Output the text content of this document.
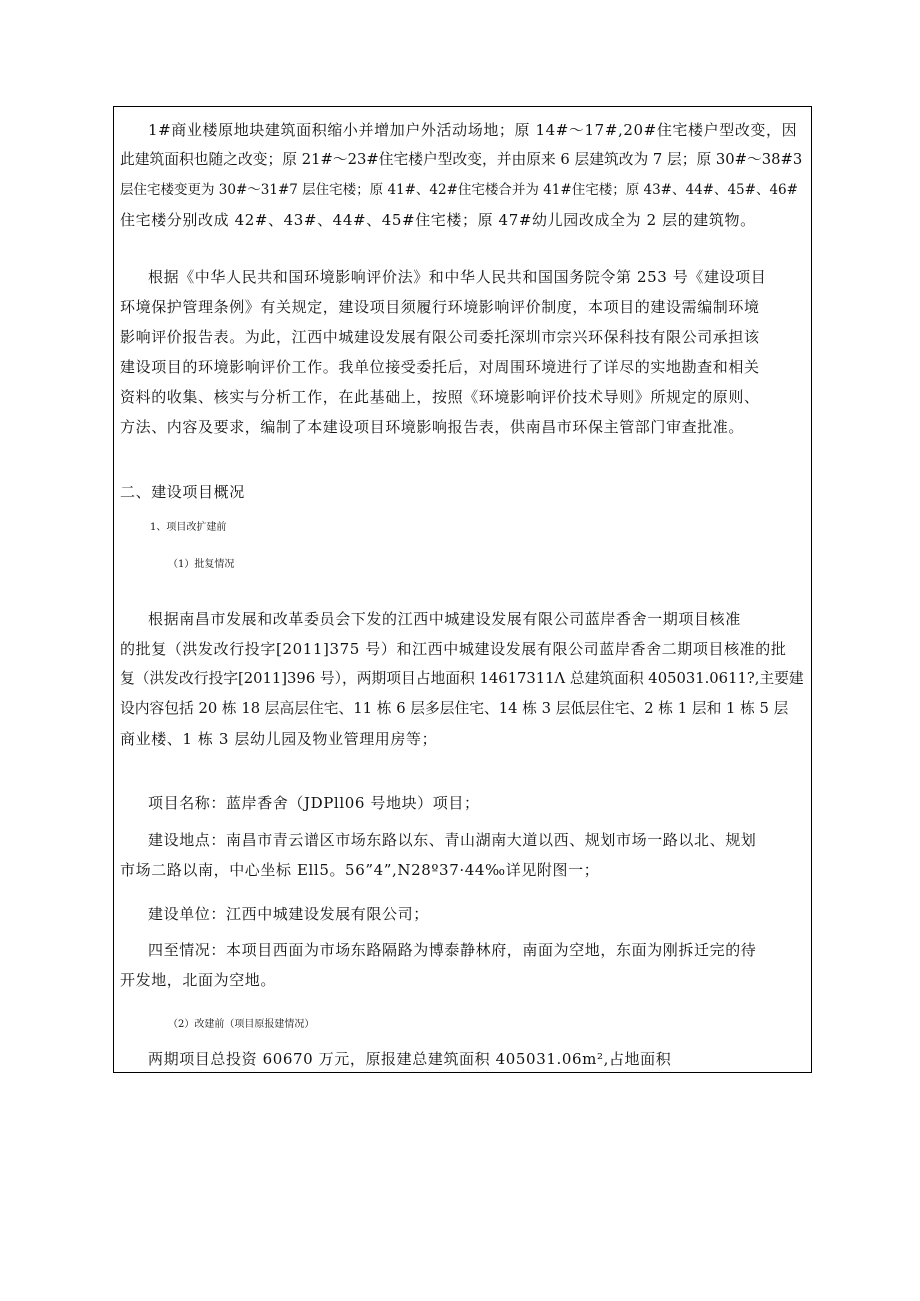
1#商业楼原地块建筑面积缩小并增加户外活动场地；原 14#～17#,20#住宅楼户型改变，因
此建筑面积也随之改变；原 21#～23#住宅楼户型改变，并由原来 6 层建筑改为 7 层；原 30#～38#3
层住宅楼变更为 30#～31#7 层住宅楼；原 41#、42#住宅楼合并为 41#住宅楼；原 43#、44#、45#、46#
住宅楼分别改成 42#、43#、44#、45#住宅楼；原 47#幼儿园改成全为 2 层的建筑物。
根据《中华人民共和国环境影响评价法》和中华人民共和国国务院令第 253 号《建设项目
环境保护管理条例》有关规定，建设项目须履行环境影响评价制度，本项目的建设需编制环境
影响评价报告表。为此，江西中城建设发展有限公司委托深圳市宗兴环保科技有限公司承担该
建设项目的环境影响评价工作。我单位接受委托后，对周围环境进行了详尽的实地勘查和相关
资料的收集、核实与分析工作，在此基础上，按照《环境影响评价技术导则》所规定的原则、
方法、内容及要求，编制了本建设项目环境影响报告表，供南昌市环保主管部门审查批准。
二、建设项目概况
1、项目改扩建前
（1）批复情况
根据南昌市发展和改革委员会下发的江西中城建设发展有限公司蓝岸香舍一期项目核准
的批复（洪发改行投字[2011]375 号）和江西中城建设发展有限公司蓝岸香舍二期项目核准的批
复（洪发改行投字[2011]396 号），两期项目占地面积 14617311Λ 总建筑面积 405031.0611?,主要建
设内容包括 20 栋 18 层高层住宅、11 栋 6 层多层住宅、14 栋 3 层低层住宅、2 栋 1 层和 1 栋 5 层
商业楼、1 栋 3 层幼儿园及物业管理用房等；
项目名称：蓝岸香舍（JDPll06 号地块）项目；
建设地点：南昌市青云谱区市场东路以东、青山湖南大道以西、规划市场一路以北、规划
市场二路以南，中心坐标 Ell5。56”4”,N28º37·44‰详见附图一；
建设单位：江西中城建设发展有限公司；
四至情况：本项目西面为市场东路隔路为博泰静林府，南面为空地，东面为刚拆迁完的待
开发地，北面为空地。
（2）改建前（项目原报建情况）
两期项目总投资 60670 万元，原报建总建筑面积 405031.06m²,占地面积
